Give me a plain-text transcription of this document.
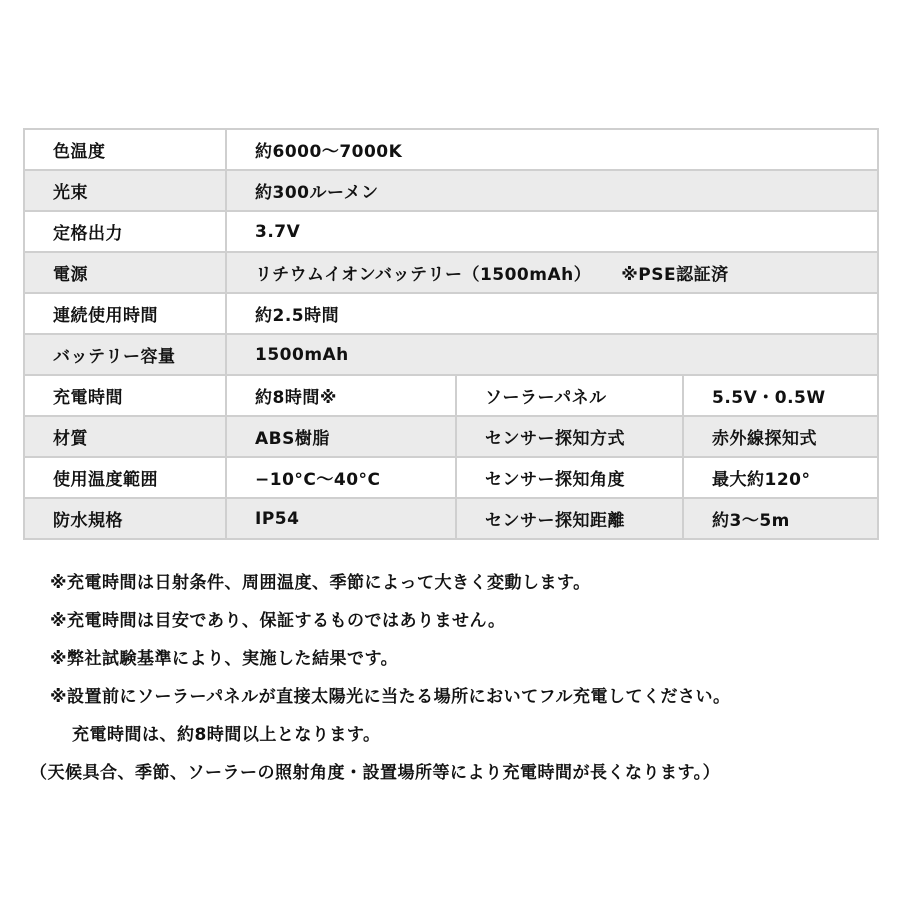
色温度	約6000〜7000K		
光束	約300ルーメン		
定格出力	3.7V		
電源	リチウムイオンバッテリー（1500mAh） ※PSE認証済		
連続使用時間	約2.5時間		
バッテリー容量	1500mAh		
充電時間	約8時間※	ソーラーパネル	5.5V・0.5W
材質	ABS樹脂	センサー探知方式	赤外線探知式
使用温度範囲	−10°C〜40°C	センサー探知角度	最大約120°
防水規格	IP54	センサー探知距離	約3〜5m
※充電時間は日射条件、周囲温度、季節によって大きく変動します。
※充電時間は目安であり、保証するものではありません。
※弊社試験基準により、実施した結果です。
※設置前にソーラーパネルが直接太陽光に当たる場所においてフル充電してください。
充電時間は、約8時間以上となります。
（天候具合、季節、ソーラーの照射角度・設置場所等により充電時間が長くなります。）
